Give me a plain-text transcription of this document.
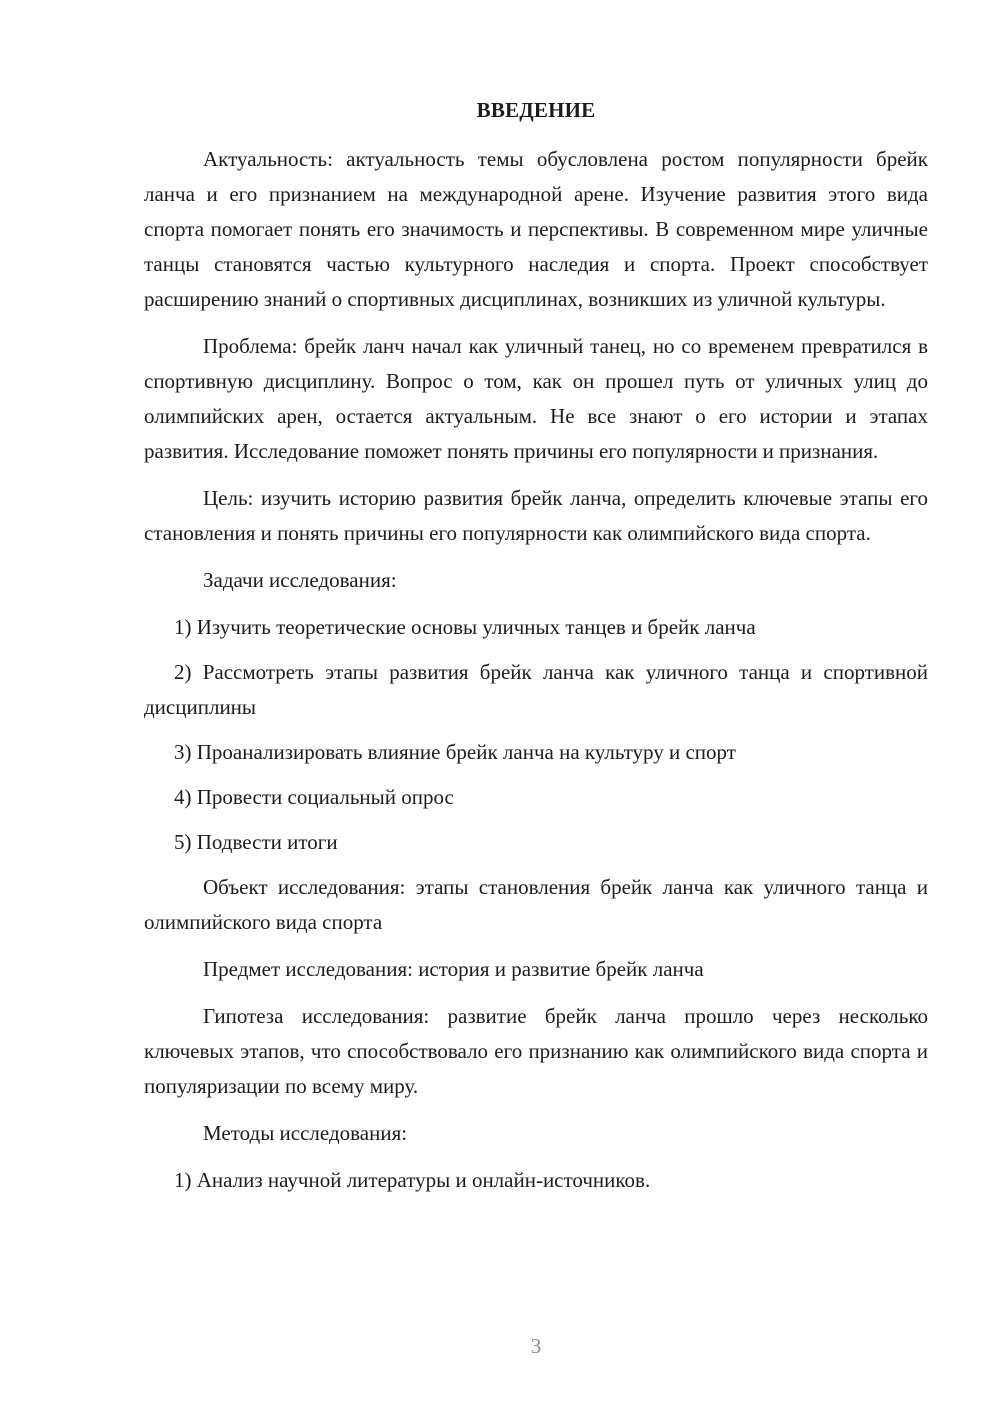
ВВЕДЕНИЕ

Актуальность: актуальность темы обусловлена ростом популярности брейк ланча и его признанием на международной арене. Изучение развития этого вида спорта помогает понять его значимость и перспективы. В современном мире уличные танцы становятся частью культурного наследия и спорта. Проект способствует расширению знаний о спортивных дисциплинах, возникших из уличной культуры.

Проблема: брейк ланч начал как уличный танец, но со временем превратился в спортивную дисциплину. Вопрос о том, как он прошел путь от уличных улиц до олимпийских арен, остается актуальным. Не все знают о его истории и этапах развития. Исследование поможет понять причины его популярности и признания.

Цель: изучить историю развития брейк ланча, определить ключевые этапы его становления и понять причины его популярности как олимпийского вида спорта.

Задачи исследования:

1) Изучить теоретические основы уличных танцев и брейк ланча

2) Рассмотреть этапы развития брейк ланча как уличного танца и спортивной дисциплины

3) Проанализировать влияние брейк ланча на культуру и спорт

4) Провести социальный опрос

5) Подвести итоги

Объект исследования: этапы становления брейк ланча как уличного танца и олимпийского вида спорта

Предмет исследования: история и развитие брейк ланча

Гипотеза исследования: развитие брейк ланча прошло через несколько ключевых этапов, что способствовало его признанию как олимпийского вида спорта и популяризации по всему миру.

Методы исследования:

1) Анализ научной литературы и онлайн-источников.

3
